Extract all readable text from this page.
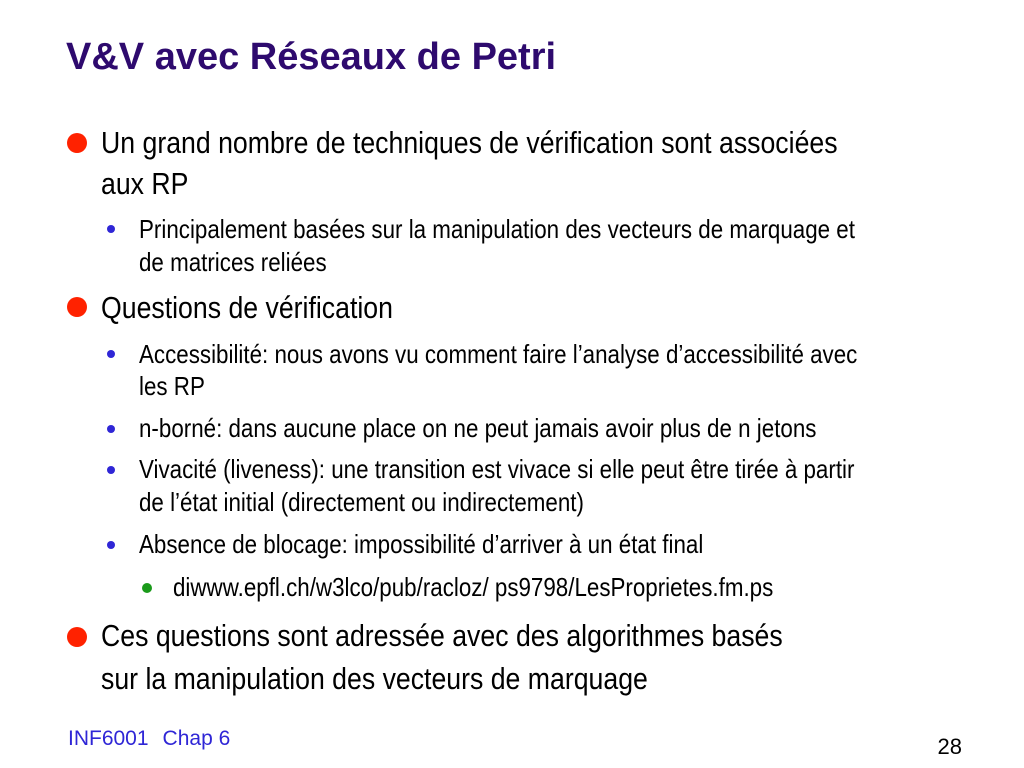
V&V avec Réseaux de Petri
Un grand nombre de techniques de vérification sont associées
aux RP
Principalement basées sur la manipulation des vecteurs de marquage et
de matrices reliées
Questions de vérification
Accessibilité: nous avons vu comment faire l’analyse d’accessibilité avec
les RP
n-borné: dans aucune place on ne peut jamais avoir plus de n jetons
Vivacité (liveness): une transition est vivace si elle peut être tirée à partir
de l’état initial (directement ou indirectement)
Absence de blocage: impossibilité d’arriver à un état final
diwww.epfl.ch/w3lco/pub/racloz/ ps9798/LesProprietes.fm.ps
Ces questions sont adressée avec des algorithmes basés
sur la manipulation des vecteurs de marquage
INF6001 Chap 6	28
